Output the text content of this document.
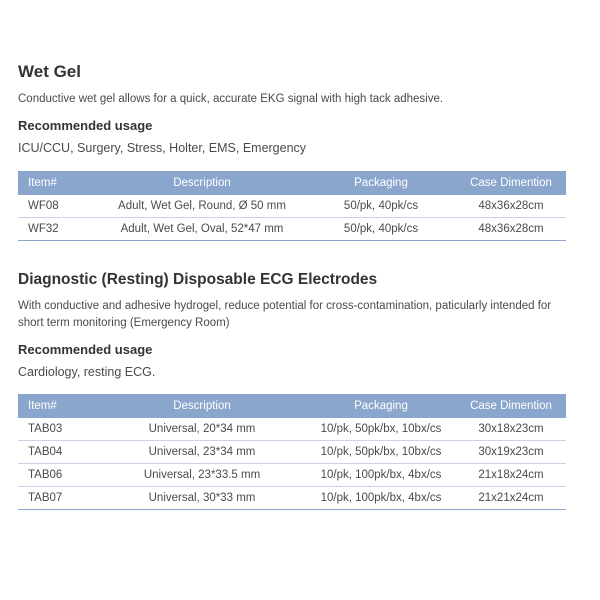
Wet Gel

Conductive wet gel allows for a quick, accurate EKG signal with high tack adhesive.

Recommended usage

ICU/CCU, Surgery, Stress, Holter, EMS, Emergency

Item#	Description	Packaging	Case Dimention
WF08	Adult, Wet Gel, Round, Ø 50 mm	50/pk, 40pk/cs	48x36x28cm
WF32	Adult, Wet Gel, Oval, 52*47 mm	50/pk, 40pk/cs	48x36x28cm
Diagnostic (Resting) Disposable ECG Electrodes

With conductive and adhesive hydrogel, reduce potential for cross-contamination, paticularly intended for short term monitoring (Emergency Room)

Recommended usage

Cardiology, resting ECG.

Item#	Description	Packaging	Case Dimention
TAB03	Universal, 20*34 mm	10/pk, 50pk/bx, 10bx/cs	30x18x23cm
TAB04	Universal, 23*34 mm	10/pk, 50pk/bx, 10bx/cs	30x19x23cm
TAB06	Universal, 23*33.5 mm	10/pk, 100pk/bx, 4bx/cs	21x18x24cm
TAB07	Universal, 30*33 mm	10/pk, 100pk/bx, 4bx/cs	21x21x24cm
